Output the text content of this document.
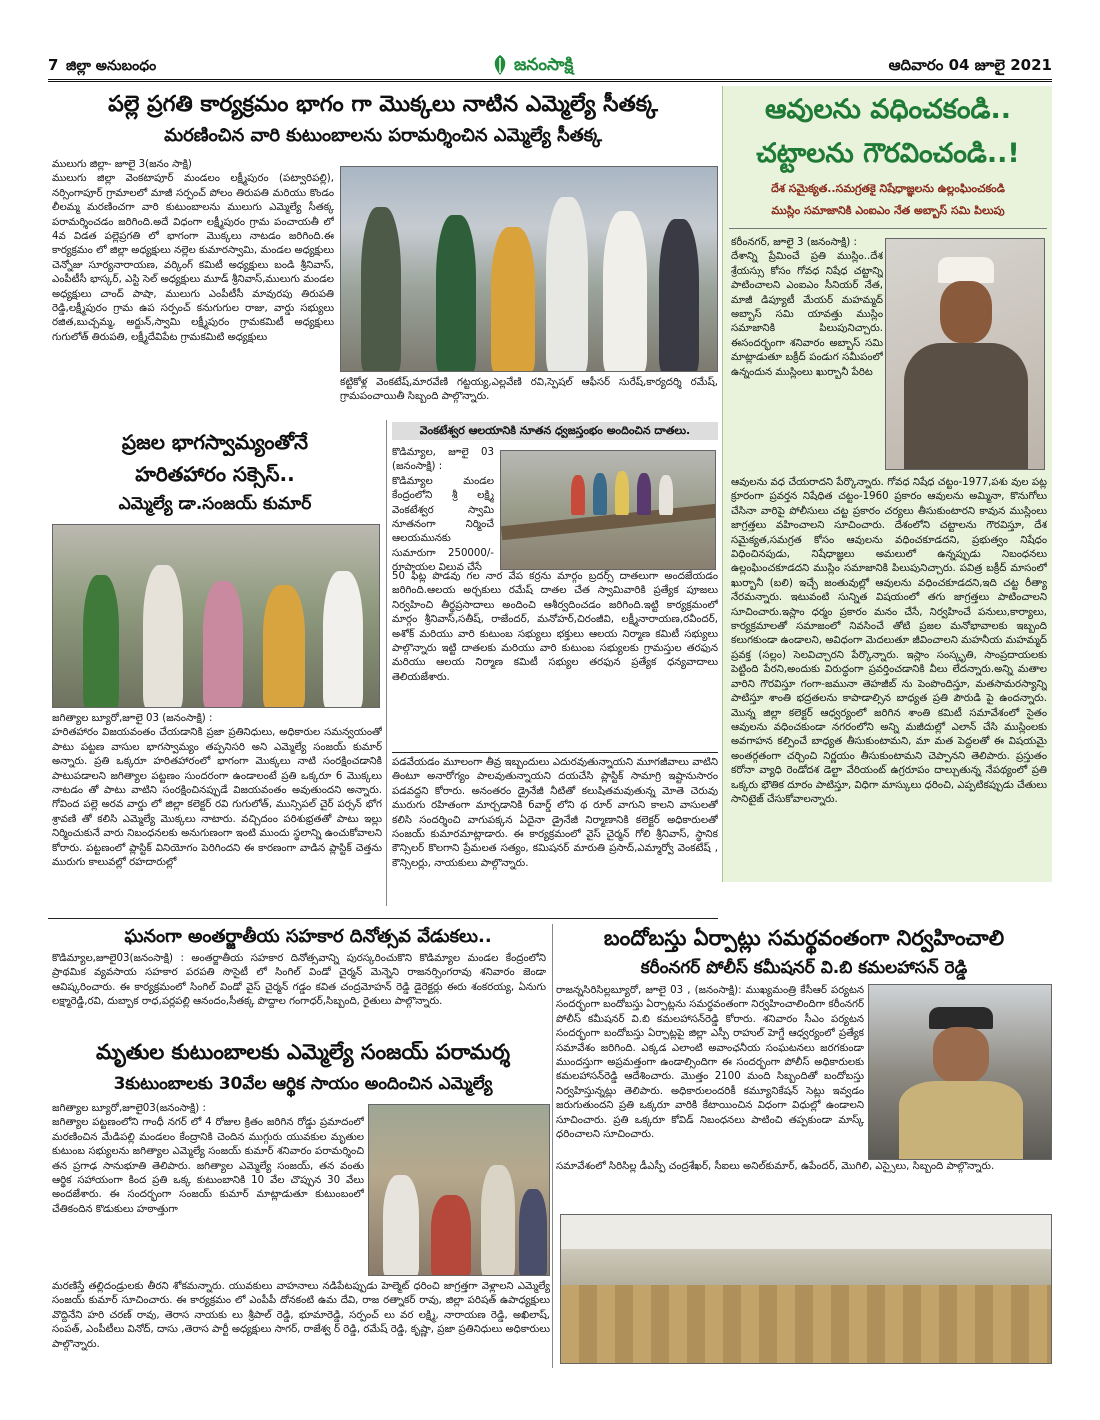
7 జిల్లా అనుబంధం	జనంసాక్షి	ఆదివారం 04 జూలై 2021
పల్లె ప్రగతి కార్యక్రమం భాగం గా మొక్కలు నాటిన ఎమ్మెల్యే సీతక్క
మరణించిన వారి కుటుంబాలను పరామర్శించిన ఎమ్మెల్యే సీతక్క
ములుగు జిల్లా- జూలై 3(జనం సాక్షి)
ములుగు జిల్లా వెంకటాపూర్ మండలం లక్ష్మీపురం (పట్వారిపల్లి), నర్సింగాపూర్ గ్రామాలలో మాజీ సర్పంచ్ పోలం తిరుపతి మరియు కొండం లీలమ్మ మరణించగా వారి కుటుంబాలను ములుగు ఎమ్మెల్యే సీతక్క పరామర్శించడం జరిగింది.అదే విధంగా లక్ష్మీపురం గ్రామ పంచాయతీ లో 4వ విడత పల్లెప్రగతి లో భాగంగా మొక్కలు నాటడం జరిగింది.ఈ కార్యక్రమం లో జిల్లా అధ్యక్షులు నల్లెల కుమారస్వామి, మండల అధ్యక్షులు చెన్నోజు సూర్యనారాయణ, వర్కింగ్ కమిటీ అధ్యక్షులు బండి శ్రీనివాస్, ఎంపీటీసీ భాస్కర్, ఎస్టి సెల్ అధ్యక్షులు మూడ్ శ్రీనివాస్,ములుగు మండల అధ్యక్షులు చాంద్ పాషా, ములుగు ఎంపీటీసీ మావురపు తిరుపతి రెడ్డి,లక్ష్మీపురం గ్రామ ఉప సర్పంచ్ కనుగుగుల రాజు, వార్డు సభ్యులు రజిత,బుచ్చమ్మ, అర్జున్,స్వామి లక్ష్మీపురం గ్రామకమిటీ అధ్యక్షులు గుగులోత్ తిరుపతి, లక్ష్మీదేవిపేట గ్రామకమిటి అధ్యక్షులు
కట్టికోళ్ల వెంకటేష్,మారవేణి గట్టయ్య,ఎల్లవేణి రవి,స్పెషల్ ఆఫీసర్ సురేష్,కార్యదర్శి రమేష్, గ్రామపంచాయితీ సిబ్బంది పాల్గొన్నారు.
ఆవులను వధించకండి..
చట్టాలను గౌరవించండి..!
దేశ సమైక్యత..సమగ్రతకై నిషేధాజ్ఞలను ఉల్లంఘించకండి
ముస్లిం సమాజానికి ఎంఐఎం నేత అబ్బాస్ సమి పిలుపు
కరీంనగర్, జూలై 3 (జనంసాక్షి) :
దేశాన్ని ప్రేమించే ప్రతి ముస్లిం..దేశ శ్రేయస్సు కోసం గోవధ నిషేధ చట్టాన్ని పాటించాలని ఎంఐఎం సీనియర్ నేత, మాజీ డిప్యూటీ మేయర్ మహమ్మద్ అబ్బాస్ సమి యావత్తు ముస్లిం సమాజానికి పిలుపునిచ్చారు. ఈసందర్భంగా శనివారం అబ్బాస్ సమి మాట్లాడుతూ బక్రీద్ పండుగ సమీపంలో ఉన్నందున ముస్లింలు ఖుర్బానీ పేరిట
ఆవులను వధ చేయరాదని పేర్కొన్నారు. గోవధ నిషేధ చట్టం-1977,పశు వుల పట్ల క్రూరంగా ప్రవర్తన నిషేధిత చట్టం-1960 ప్రకారం ఆవులను అమ్మినా, కొనుగోలు చేసినా వారిపై పోలీసులు చట్ట ప్రకారం చర్యలు తీసుకుంటారని కావున ముస్లింలు జాగ్రత్తలు వహించాలని సూచించారు. దేశంలోని చట్టాలను గౌరవిస్తూ, దేశ సమైక్యత,సమగ్రత కోసం ఆవులను వధించకూడదని, ప్రభుత్వం నిషేధం విధించినపుడు, నిషేధాజ్ఞలు అమలులో ఉన్నప్పుడు నిబంధనలు ఉల్లంఘించకూడదని ముస్లిం సమాజానికి పిలుపునిచ్చారు. పవిత్ర బక్రీద్ మాసంలో ఖుర్బానీ (బలి) ఇచ్చే జంతువుల్లో ఆవులను వధించకూడదని,ఇది చట్ట రీత్యా నేరమన్నారు. ఇటువంటి సున్నిత విషయంలో తగు జాగ్రత్తలు పాటించాలని సూచించారు.ఇస్లాం ధర్మం ప్రకారం మనం చేసే, నిర్వహించే పనులు,కార్యాలు, కార్యక్రమాలతో సమాజంలో నివసించే తోటి ప్రజల మనోభావాలకు ఇబ్బంది కలుగకుండా ఉండాలని, అవిధంగా మెదలుతూ జీవించాలని మహనీయ మహమ్మద్ ప్రవక్త (సల్లం) సెలవిచ్చారని పేర్కొన్నారు. ఇస్లాం సంస్కృతి, సాంప్రదాయలకు పెట్టింది పేరని,అందుకు విరుద్ధంగా ప్రవర్తించడానికి వీలు లేదన్నారు.అన్ని మతాల వారిని గౌరవిస్తూ గంగా-జమునా తెహజీబ్ ను పెంపొందిస్తూ, మతసామరస్యాన్ని పాటిస్తూ శాంతి భద్రతలను కాపాడాల్సిన బాధ్యత ప్రతి పౌరుడి పై ఉందన్నారు. మొన్న జిల్లా కలెక్టర్ ఆధ్వర్యంలో జరిగిన శాంతి కమిటీ సమావేశంలో సైతం ఆవులను వధించకుండా నగరంలోని అన్ని మజీదుల్లో ఎలాన్ చేసి ముస్లింలకు అవగాహన కల్పించే బాధ్యత తీసుకుంటామని, మా మత పెద్దలతో ఈ విషయమై అంతర్గతంగా చర్చించి నిర్ణయం తీసుకుంటామని చెప్పానని తెలిపారు. ప్రస్తుతం కరోనా వ్యాధి రెండోదశ డెల్టా వేరియంట్ ఉగ్రరూపం దాల్చుతున్న నేపథ్యంలో ప్రతి ఒక్కరు భౌతిక దూరం పాటిస్తూ, విధిగా మాస్కులు ధరించి, ఎప్పటికప్పుడు చేతులు సానిటైజ్ చేసుకోవాలన్నారు.
ప్రజల భాగస్వామ్యంతోనే
హరితహారం సక్సెస్..
ఎమ్మెల్యే డా.సంజయ్ కుమార్
జగిత్యాల బ్యూరో,జూలై 03 (జనంసాక్షి) :
హరితహారం విజయవంతం చేయడానికి ప్రజా ప్రతినిధులు, అధికారుల సమన్వయంతో పాటు పట్టణ వాసుల భాగస్వామ్యం తప్పనిసరి అని ఎమ్మెల్యే సంజయ్ కుమార్ అన్నారు. ప్రతి ఒక్కరూ హరితహారంలో భాగంగా మొక్కలు నాటి సంరక్షించడానికి పాటుపడాలని జగిత్యాల పట్టణం సుందరంగా ఉండాలంటే ప్రతి ఒక్కరూ 6 మొక్కలు నాటడం తో పాటు వాటిని సంరక్షించినప్పుడే విజయవంతం అవుతుందని అన్నారు. గోవింద పల్లె అరవ వార్డు లో జిల్లా కలెక్టర్ రవి గుగులోత్, మున్సిపల్ చైర్ పర్సన్ భోగ శ్రావణి తో కలిసి ఎమ్మెల్యే మొక్కలు నాటారు. వచ్చిదంం పరిశుభ్రతతో పాటు ఇల్లు నిర్మించుకునే వారు నిబంధనలకు అనుగుణంగా ఇంటి ముందు స్థలాన్ని ఉంచుకోవాలని కోరారు. పట్టణంలో ప్లాస్టిక్ వినియోగం పెరిగిందని ఈ కారణంగా వాడిన ప్లాస్టిక్ చెత్తను మురుగు కాలువల్లో రహదారుల్లో
వెంకటేశ్వర ఆలయానికి నూతన ధ్వజస్తంభం అందించిన దాతలు.
కొడిమ్యాల, జూలై 03 (జనంసాక్షి) :
కొడిమ్యాల మండల కేంద్రంలోని శ్రీ లక్ష్మి వెంకటేశ్వర స్వామి నూతనంగా నిర్మించే ఆలయమునకు సుమారుగా 250000/- రూపాయల విలువ చేసే
50 ఫీట్ల పొడవు గల నార వేప కర్రను మార్గం బ్రదర్స్ దాతలుగా అందజేయడం జరిగింది.ఆలయ అర్చకులు రమేష్ దాతల చేత స్వామివారికి ప్రత్యేక పూజలు నిర్వహించి తీర్థప్రసాదాలు అందించి ఆశీర్వదించడం జరిగింది.ఇట్టి కార్యక్రమంలో మార్గం శ్రీనివాస్,సతీష్, రాజేందర్, మనోహర్,చిరంజీవి, లక్ష్మీనారాయణ,రవీందర్, అశోక్ మరియు వారి కుటుంబ సభ్యులు భక్తులు ఆలయ నిర్మాణ కమిటీ సభ్యులు పాల్గొన్నారు ఇట్టి దాతలకు మరియు వారి కుటుంబ సభ్యులకు గ్రామస్తుల తరఫున మరియు ఆలయ నిర్మాణ కమిటీ సభ్యుల తరఫున ప్రత్యేక ధన్యవాదాలు తెలియజేశారు.
పడవేయడం మూలంగా తీవ్ర ఇబ్బందులు ఎదురవుతున్నాయని మూగజీవాలు వాటిని తింటూ అనారోగ్యం పాలవుతున్నాయని దయచేసి ప్లాస్టిక్ సామాగ్రి ఇష్టానుసారం పడవద్దని కోరారు. అనంతరం డ్రైనేజీ నీటితో కలుషితమవుతున్న మోతె చెరువు మురుగు రహితంగా మార్చడానికి 6వార్డ్ లోని థ రూర్ వాగుని కాలని వాసులతో కలిసి సందర్శించి వాగుపక్కన ఏదైనా డ్రైనేజీ నిర్మాణానికి కలెక్టర్ అధికారులతో సంజయ్ కుమారమాట్లాడారు. ఈ కార్యక్రమంలో వైస్ చైర్మన్ గోలి శ్రీనివాస్, స్థానిక కౌన్సిలర్ కొలగాని ప్రేమలత సత్యం, కమిషనర్ మారుతి ప్రసాద్,ఎమ్మార్వో వెంకటేష్ , కౌన్సిలర్లు, నాయకులు పాల్గొన్నారు.
ఘనంగా అంతర్జాతీయ సహకార దినోత్సవ వేడుకలు..
కొడిమ్యాల,జూలై03(జనంసాక్షి) : అంతర్జాతీయ సహకార దినోత్సవాన్ని పురస్కరించుకొని కొడిమ్యాల మండల కేంద్రంలోని ప్రాథమిక వ్యవసాయ సహకార పరపతి సొసైటీ లో సింగిల్ విండో చైర్మన్ మెన్నెని రాజనర్సింగరావు శనివారం జెండా ఆవిష్కరించారు. ఈ కార్యక్రమంలో సింగిల్ విండో వైస్ చైర్మన్ గడ్డం కవిత చంద్రమోహన్ రెడ్డి డైరెక్టర్లు ఈరు శంకరయ్య, ఏనుగు లక్ష్మారెడ్డి,రవి, దుబ్బాక రాధ,పర్లపల్లి ఆనందం,సీతక్క పొద్దాల గంగాధర్,సిబ్బంది, రైతులు పాల్గొన్నారు.
బందోబస్తు ఏర్పాట్లు సమర్థవంతంగా నిర్వహించాలి
కరీంనగర్ పోలీస్ కమీషనర్ వి.బి కమలహాసన్ రెడ్డి
రాజన్నసిరిసిల్లబ్యూరో, జూలై 03 , (జనంసాక్షి): ముఖ్యమంత్రి కేసీఆర్ పర్యటన సందర్భంగా బందోబస్తు ఏర్పాట్లను సమర్థవంతంగా నిర్వహించాలిందిగా కరీంనగర్ పోలీస్ కమీషనర్ వి.బి కమలహాసన్‌రెడ్డి కోరారు. శనివారం సీఎం పర్యటన సందర్భంగా బందోబస్తు ఏర్పాట్లపై జిల్లా ఎస్పీ రాహుల్ హెగ్డే ఆధ్వర్యంలో ప్రత్యేక సమావేశం జరిగింది. ఎక్కడ ఎలాంటి అవాంఛనీయ సంఘటనలు జరగకుండా ముందస్తుగా అప్రమత్తంగా ఉండాల్సిందిగా ఈ సందర్భంగా పోలీస్ అధికారులకు కమలహాసన్‌రెడ్డి ఆదేశించారు. మొత్తం 2100 మంది సిబ్బందితో బందోబస్తు నిర్వహిస్తున్నట్లు తెలిపారు. అధికారులందరికీ కమ్యూనికేషన్ సెట్లు ఇవ్వడం జరుగుతుందని ప్రతి ఒక్కరూ వారికి కేటాయించిన విధంగా విధుల్లో ఉండాలని సూచించారు. ప్రతి ఒక్కరూ కోవిడ్ నిబంధనలు పాటించి తప్పకుండా మాస్క్ ధరించాలని సూచించారు.
సమావేశంలో సిరిసిల్ల డీఎస్పీ చంద్రశేఖర్, సీఐలు అనిల్‌కుమార్, ఉపేందర్, మొగిలి, ఎస్సైలు, సిబ్బంది పాల్గొన్నారు.
మృతుల కుటుంబాలకు ఎమ్మెల్యే సంజయ్ పరామర్శ
3కుటుంబాలకు 30వేల ఆర్థిక సాయం అందించిన ఎమ్మెల్యే
జగిత్యాల బ్యూరో,జూలై03(జనంసాక్షి) :
జగిత్యాల పట్టణంలోని గాంధీ నగర్ లో 4 రోజుల క్రితం జరిగిన రోడ్డు ప్రమాదంలో మరణించిన మేడిపల్లి మండలం కేంద్రానికి చెందిన ముగ్గురు యువకుల మృతుల కుటుంబ సభ్యులను జగిత్యాల ఎమ్మెల్యే సంజయ్ కుమార్ శనివారం పరామర్శించి తన ప్రగాఢ సానుభూతి తెలిపారు. జగిత్యాల ఎమ్మెల్యే సంజయ్, తన వంతు ఆర్థిక సహాయంగా కింద ప్రతి ఒక్క కుటుంబానికి 10 వేల చొప్పున 30 వేలు అందజేశారు. ఈ సందర్భంగా సంజయ్ కుమార్ మాట్లాడుతూ కుటుంబంలో చేతికందిన కొడుకులు హఠాత్తుగా
మరణిస్తే తల్లిదండ్రులకు తీరని శోకమన్నారు. యువకులు వాహనాలు నడిపేటప్పుడు హెల్మెట్ ధరించి జాగ్రత్తగా వెళ్లాలని ఎమ్మెల్యే సంజయ్ కుమార్ సూచించారు. ఈ కార్యక్రమం లో ఎంపీపీ దోనకంటి ఉమ దేవి, రాజ రత్నాకర్ రావు, జిల్లా పరిషత్ ఉపాధ్యక్షులు వొద్దినేని హరి చరణ్ రావు, తెరాస నాయకు లు శ్రీపాల్ రెడ్డి, భూమారెడ్డి, సర్పంచ్ లు వర లక్ష్మి, నారాయణ రెడ్డి, అఖిలాష్, సంపత్, ఎంపీటీలు వినోద్, దాసు ,తెరాస పార్టీ అధ్యక్షులు సాగర్, రాజేశ్వ ర్ రెడ్డి, రమేష్ రెడ్డి, కృష్ణా, ప్రజా ప్రతినిధులు అధికారులు పాల్గొన్నారు.
